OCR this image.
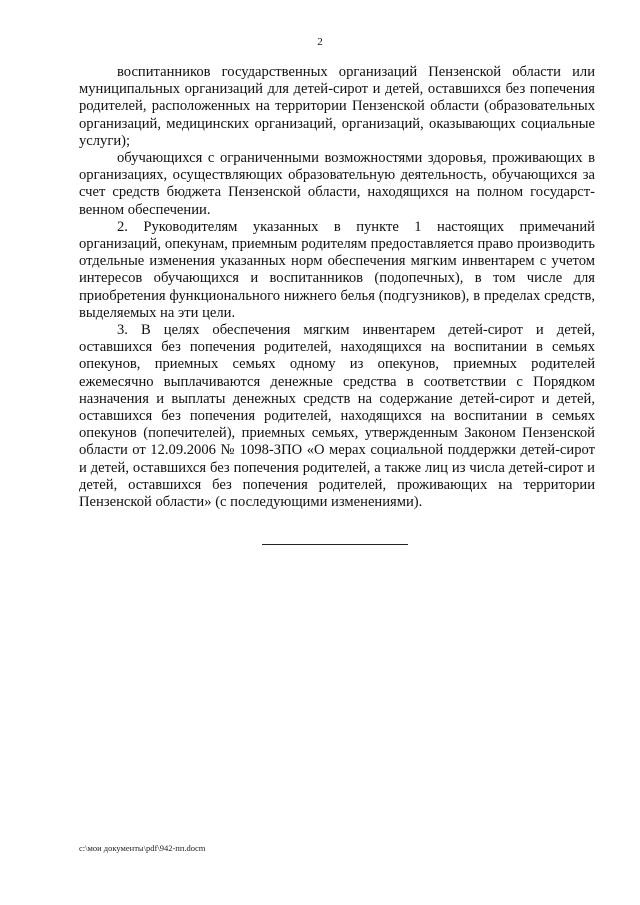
2

воспитанников государственных организаций Пензенской области или муниципальных организаций для детей-сирот и детей, оставшихся без попечения родителей, расположенных на территории Пензенской области (образовательных организаций, медицинских организаций, организаций, оказывающих социальные услуги);

обучающихся с ограниченными возможностями здоровья, проживающих в организациях, осуществляющих образовательную деятельность, обучающихся за счет средств бюджета Пензенской области, находящихся на полном государст-венном обеспечении.

2. Руководителям указанных в пункте 1 настоящих примечаний организаций, опекунам, приемным родителям предоставляется право производить отдельные изменения указанных норм обеспечения мягким инвентарем с учетом интересов обучающихся и воспитанников (подопечных), в том числе для приобретения функционального нижнего белья (подгузников), в пределах средств, выделяемых на эти цели.

3. В целях обеспечения мягким инвентарем детей-сирот и детей, оставшихся без попечения родителей, находящихся на воспитании в семьях опекунов, приемных семьях одному из опекунов, приемных родителей ежемесячно выплачиваются денежные средства в соответствии с Порядком назначения и выплаты денежных средств на содержание детей-сирот и детей, оставшихся без попечения родителей, находящихся на воспитании в семьях опекунов (попечителей), приемных семьях, утвержденным Законом Пензенской области от 12.09.2006 № 1098-ЗПО «О мерах социальной поддержки детей-сирот и детей, оставшихся без попечения родителей, а также лиц из числа детей-сирот и детей, оставшихся без попечения родителей, проживающих на территории Пензенской области» (с последующими изменениями).

c:\мои документы\pdf\942-пп.docm
